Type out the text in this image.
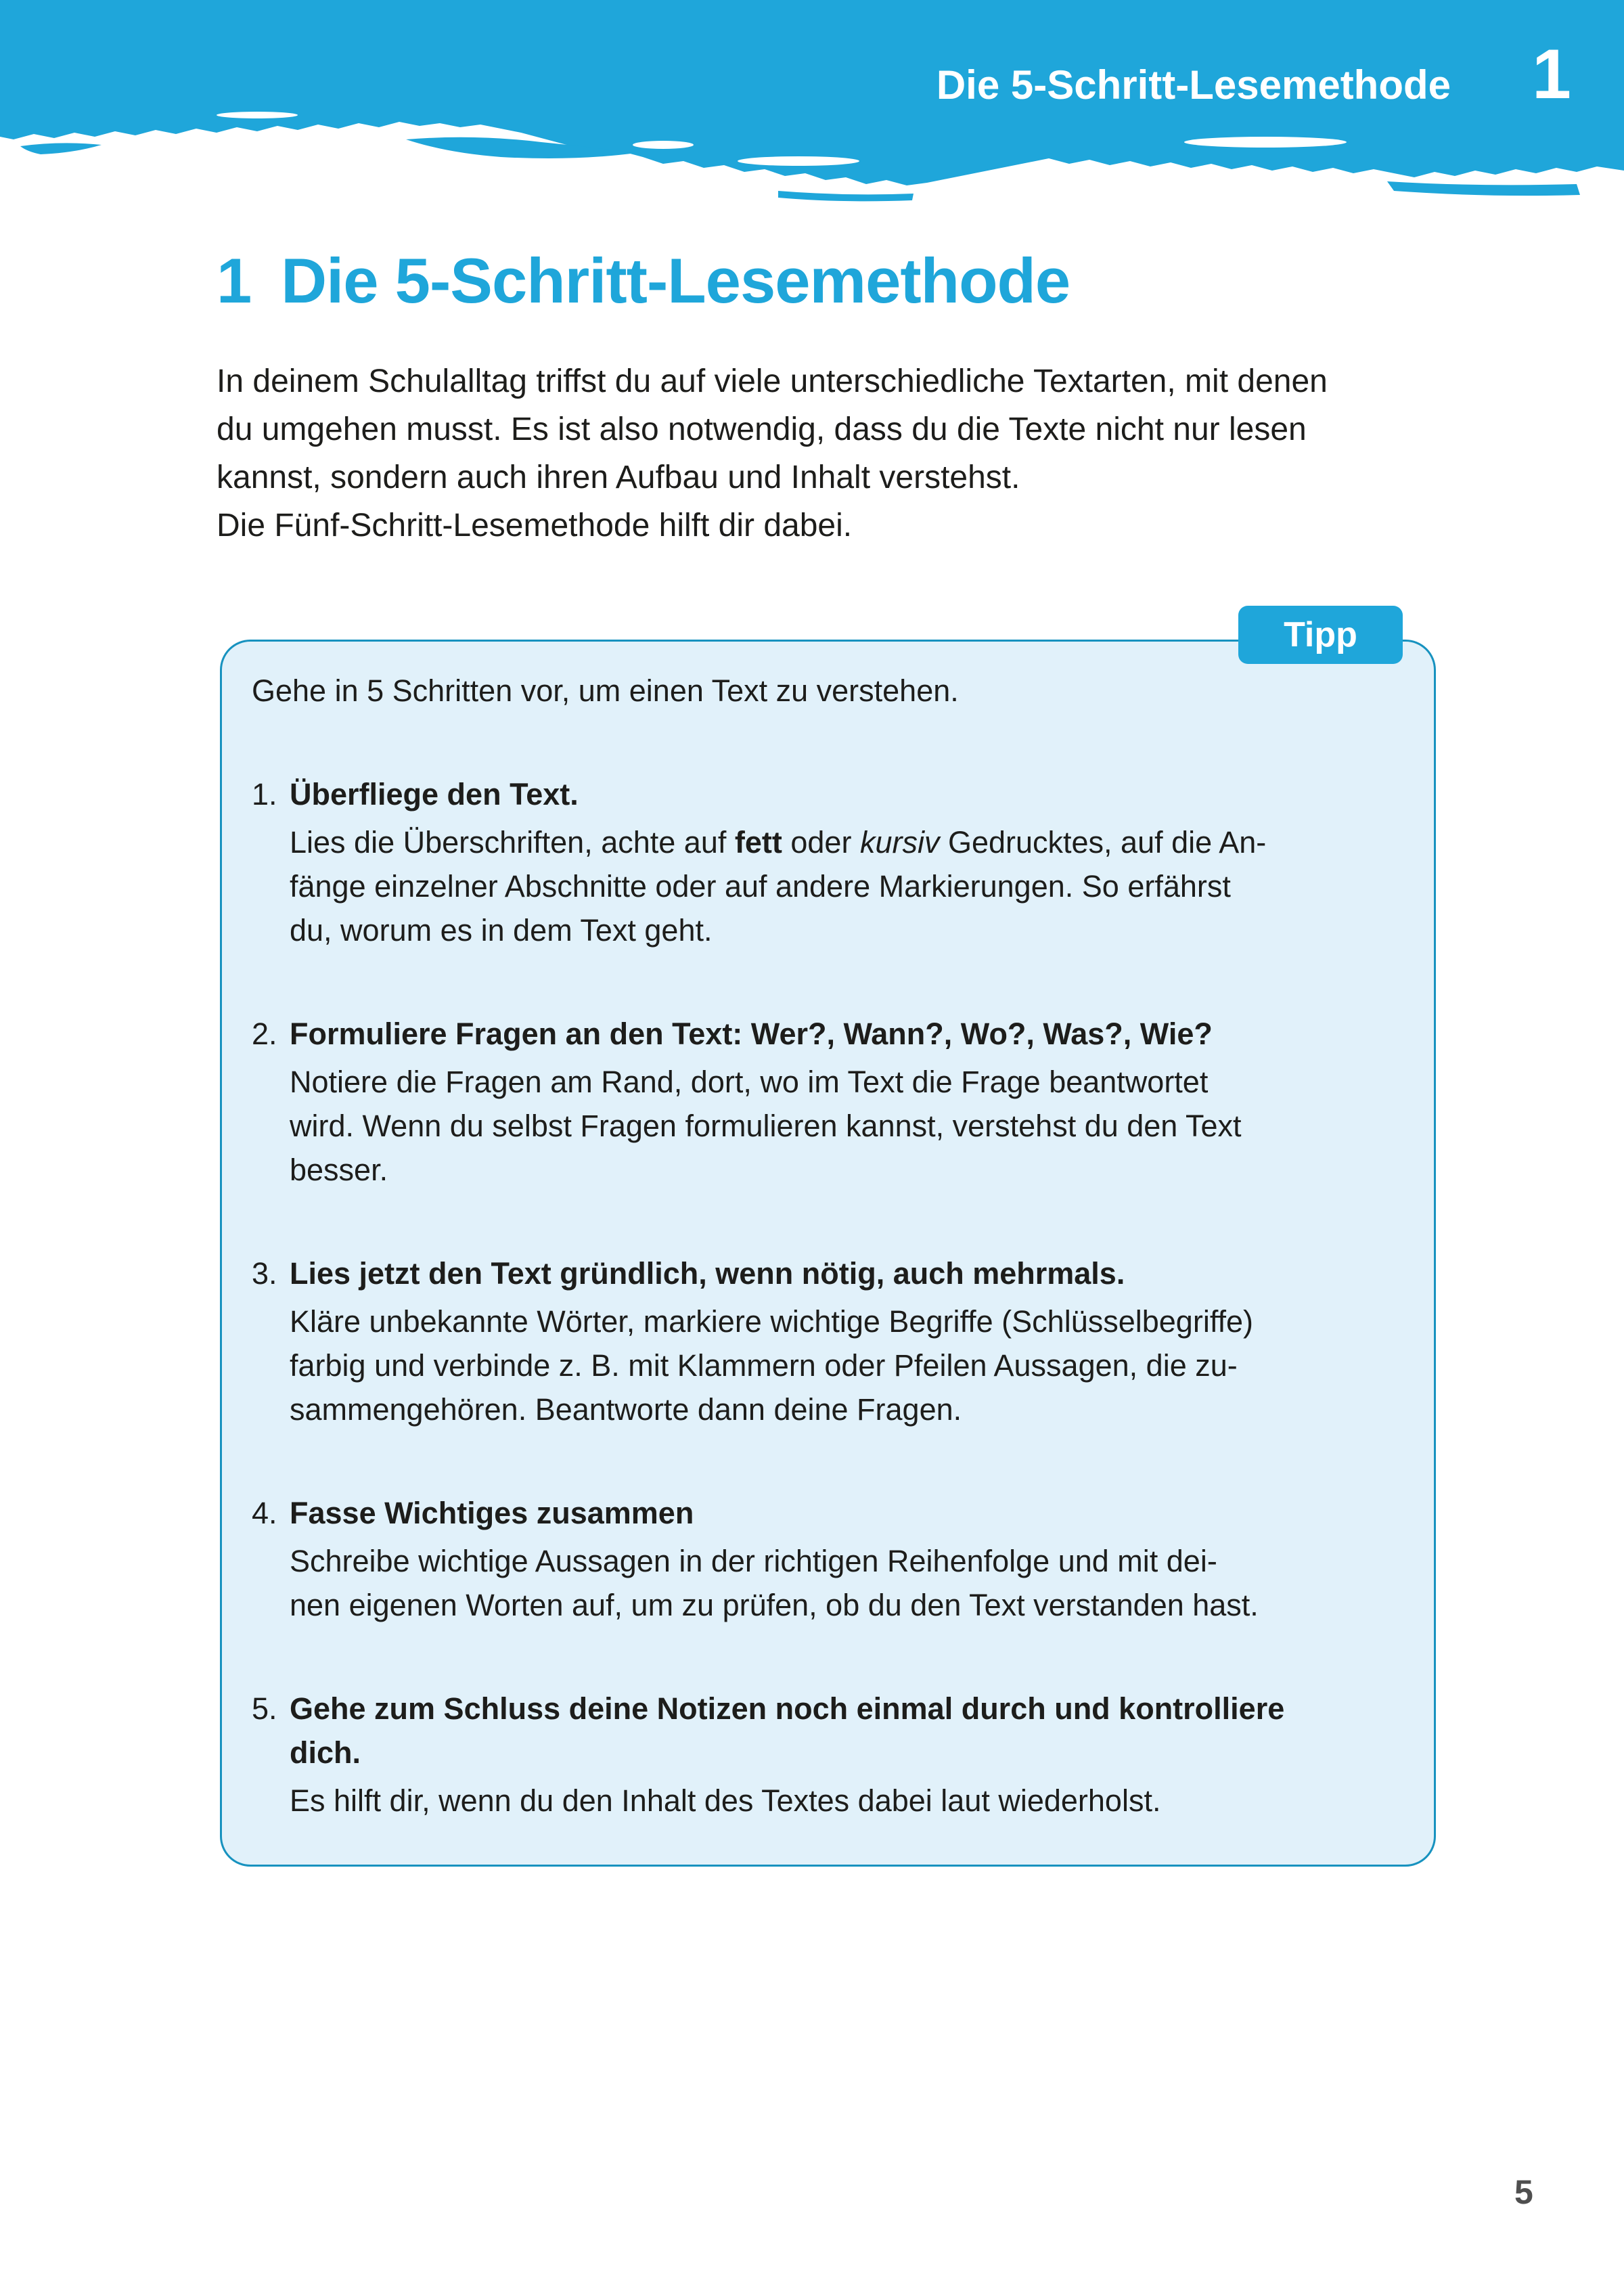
Die 5-Schritt-Lesemethode 1
1 Die 5-Schritt-Lesemethode
In deinem Schulalltag triffst du auf viele unterschiedliche Textarten, mit denen
du umgehen musst. Es ist also notwendig, dass du die Texte nicht nur lesen
kannst, sondern auch ihren Aufbau und Inhalt verstehst.
Die Fünf-Schritt-Lesemethode hilft dir dabei.
Tipp
Gehe in 5 Schritten vor, um einen Text zu verstehen.
1. Überfliege den Text.
Lies die Überschriften, achte auf fett oder kursiv Gedrucktes, auf die An-
fänge einzelner Abschnitte oder auf andere Markierungen. So erfährst
du, worum es in dem Text geht.
2. Formuliere Fragen an den Text: Wer?, Wann?, Wo?, Was?, Wie?
Notiere die Fragen am Rand, dort, wo im Text die Frage beantwortet
wird. Wenn du selbst Fragen formulieren kannst, verstehst du den Text
besser.
3. Lies jetzt den Text gründlich, wenn nötig, auch mehrmals.
Kläre unbekannte Wörter, markiere wichtige Begriffe (Schlüsselbegriffe)
farbig und verbinde z. B. mit Klammern oder Pfeilen Aussagen, die zu-
sammengehören. Beantworte dann deine Fragen.
4. Fasse Wichtiges zusammen
Schreibe wichtige Aussagen in der richtigen Reihenfolge und mit dei-
nen eigenen Worten auf, um zu prüfen, ob du den Text verstanden hast.
5. Gehe zum Schluss deine Notizen noch einmal durch und kontrolliere
dich.
Es hilft dir, wenn du den Inhalt des Textes dabei laut wiederholst.
5
